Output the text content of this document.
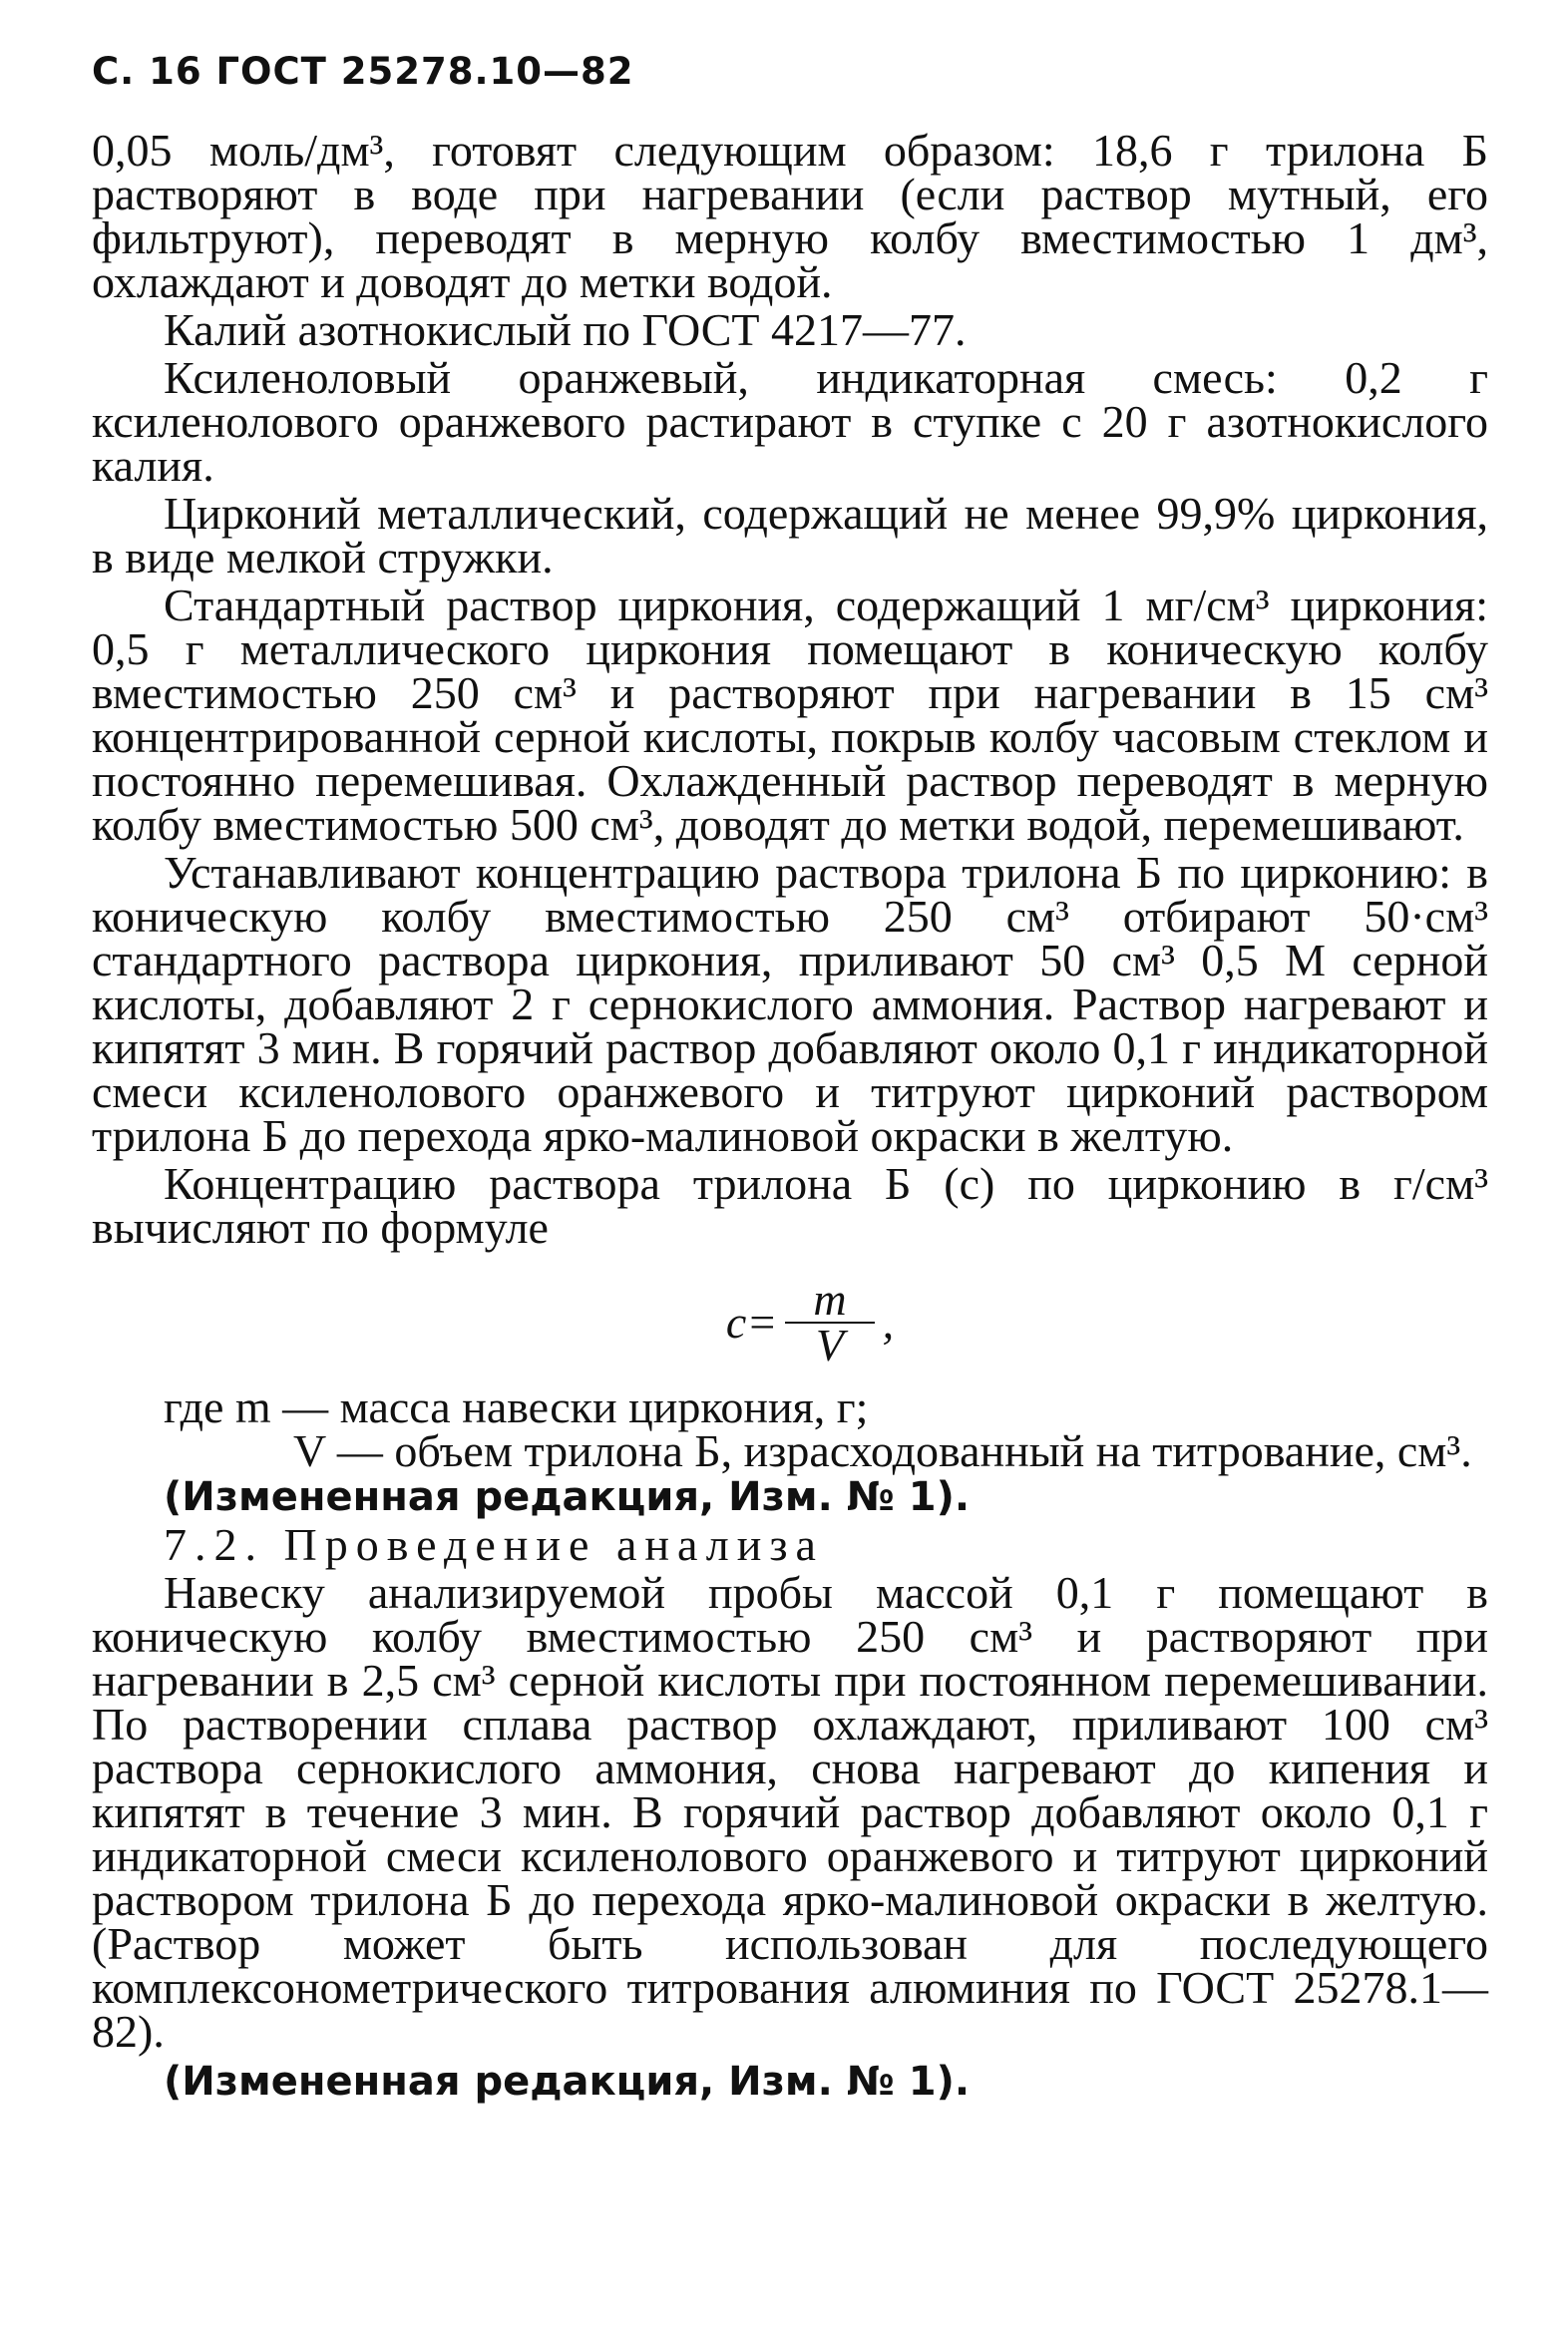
С. 16 ГОСТ 25278.10—82

0,05 моль/дм³, готовят следующим образом: 18,6 г трилона Б растворяют в воде при нагревании (если раствор мутный, его фильтруют), переводят в мерную колбу вместимостью 1 дм³, охлаждают и доводят до метки водой.

Калий азотнокислый по ГОСТ 4217—77.

Ксиленоловый оранжевый, индикаторная смесь: 0,2 г ксиленолового оранжевого растирают в ступке с 20 г азотнокислого калия.

Цирконий металлический, содержащий не менее 99,9% циркония, в виде мелкой стружки.

Стандартный раствор циркония, содержащий 1 мг/см³ циркония: 0,5 г металлического циркония помещают в коническую колбу вместимостью 250 см³ и растворяют при нагревании в 15 см³ концентрированной серной кислоты, покрыв колбу часовым стеклом и постоянно перемешивая. Охлажденный раствор переводят в мерную колбу вместимостью 500 см³, доводят до метки водой, перемешивают.

Устанавливают концентрацию раствора трилона Б по цирконию: в коническую колбу вместимостью 250 см³ отбирают 50·см³ стандартного раствора циркония, приливают 50 см³ 0,5 М серной кислоты, добавляют 2 г сернокислого аммония. Раствор нагревают и кипятят 3 мин. В горячий раствор добавляют около 0,1 г индикаторной смеси ксиленолового оранжевого и титруют цирконий раствором трилона Б до перехода ярко-малиновой окраски в желтую.

Концентрацию раствора трилона Б (с) по цирконию в г/см³ вычисляют по формуле

$с = \frac{m}{V}$ ,
где m — масса навески циркония, г;
V — объем трилона Б, израсходованный на титрование, см³.

(Измененная редакция, Изм. № 1).

7.2. Проведение анализа

Навеску анализируемой пробы массой 0,1 г помещают в коническую колбу вместимостью 250 см³ и растворяют при нагревании в 2,5 см³ серной кислоты при постоянном перемешивании. По растворении сплава раствор охлаждают, приливают 100 см³ раствора сернокислого аммония, снова нагревают до кипения и кипятят в течение 3 мин. В горячий раствор добавляют около 0,1 г индикаторной смеси ксиленолового оранжевого и титруют цирконий раствором трилона Б до перехода ярко-малиновой окраски в желтую. (Раствор может быть использован для последующего комплексонометрического титрования алюминия по ГОСТ 25278.1—82).

(Измененная редакция, Изм. № 1).
